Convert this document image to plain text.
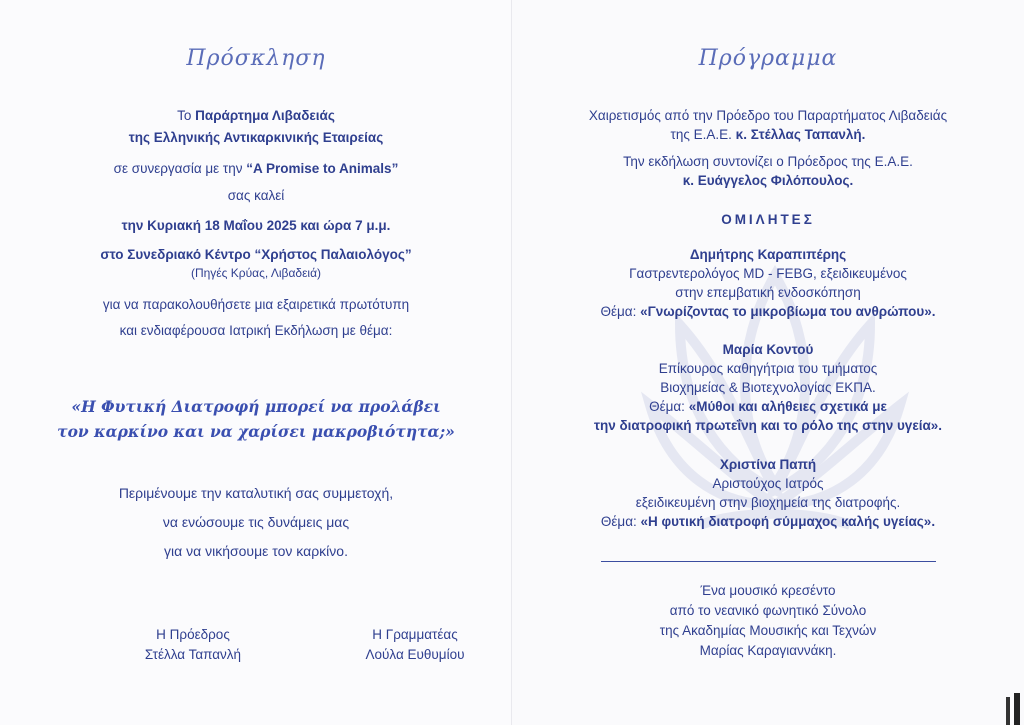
Πρόσκληση
Το Παράρτημα Λιβαδειάς
της Ελληνικής Αντικαρκινικής Εταιρείας
σε συνεργασία με την “A Promise to Animals”
σας καλεί
την Κυριακή 18 Μαΐου 2025 και ώρα 7 μ.μ.
στο Συνεδριακό Κέντρο “Χρήστος Παλαιολόγος”
(Πηγές Κρύας, Λιβαδειά)
για να παρακολουθήσετε μια εξαιρετικά πρωτότυπη
και ενδιαφέρουσα Ιατρική Εκδήλωση με θέμα:
«Η Φυτική Διατροφή μπορεί να προλάβει
τον καρκίνο και να χαρίσει μακροβιότητα;»
Περιμένουμε την καταλυτική σας συμμετοχή,
να ενώσουμε τις δυνάμεις μας
για να νικήσουμε τον καρκίνο.
Η Πρόεδρος
Στέλλα Ταπανλή
Η Γραμματέας
Λούλα Ευθυμίου
Πρόγραμμα
Χαιρετισμός από την Πρόεδρο του Παραρτήματος Λιβαδειάς
της Ε.Α.Ε. κ. Στέλλας Ταπανλή.
Την εκδήλωση συντονίζει ο Πρόεδρος της Ε.Α.Ε.
κ. Ευάγγελος Φιλόπουλος.
ΟΜΙΛΗΤΕΣ
Δημήτρης Καραπιπέρης
Γαστρεντερολόγος MD - FEBG, εξειδικευμένος
στην επεμβατική ενδοσκόπηση
Θέμα: «Γνωρίζοντας το μικροβίωμα του ανθρώπου».
Μαρία Κοντού
Επίκουρος καθηγήτρια του τμήματος
Βιοχημείας & Βιοτεχνολογίας ΕΚΠΑ.
Θέμα: «Μύθοι και αλήθειες σχετικά με
την διατροφική πρωτεΐνη και το ρόλο της στην υγεία».
Χριστίνα Παπή
Αριστούχος Ιατρός
εξειδικευμένη στην βιοχημεία της διατροφής.
Θέμα: «Η φυτική διατροφή σύμμαχος καλής υγείας».
Ένα μουσικό κρεσέντο
από το νεανικό φωνητικό Σύνολο
της Ακαδημίας Μουσικής και Τεχνών
Μαρίας Καραγιαννάκη.
